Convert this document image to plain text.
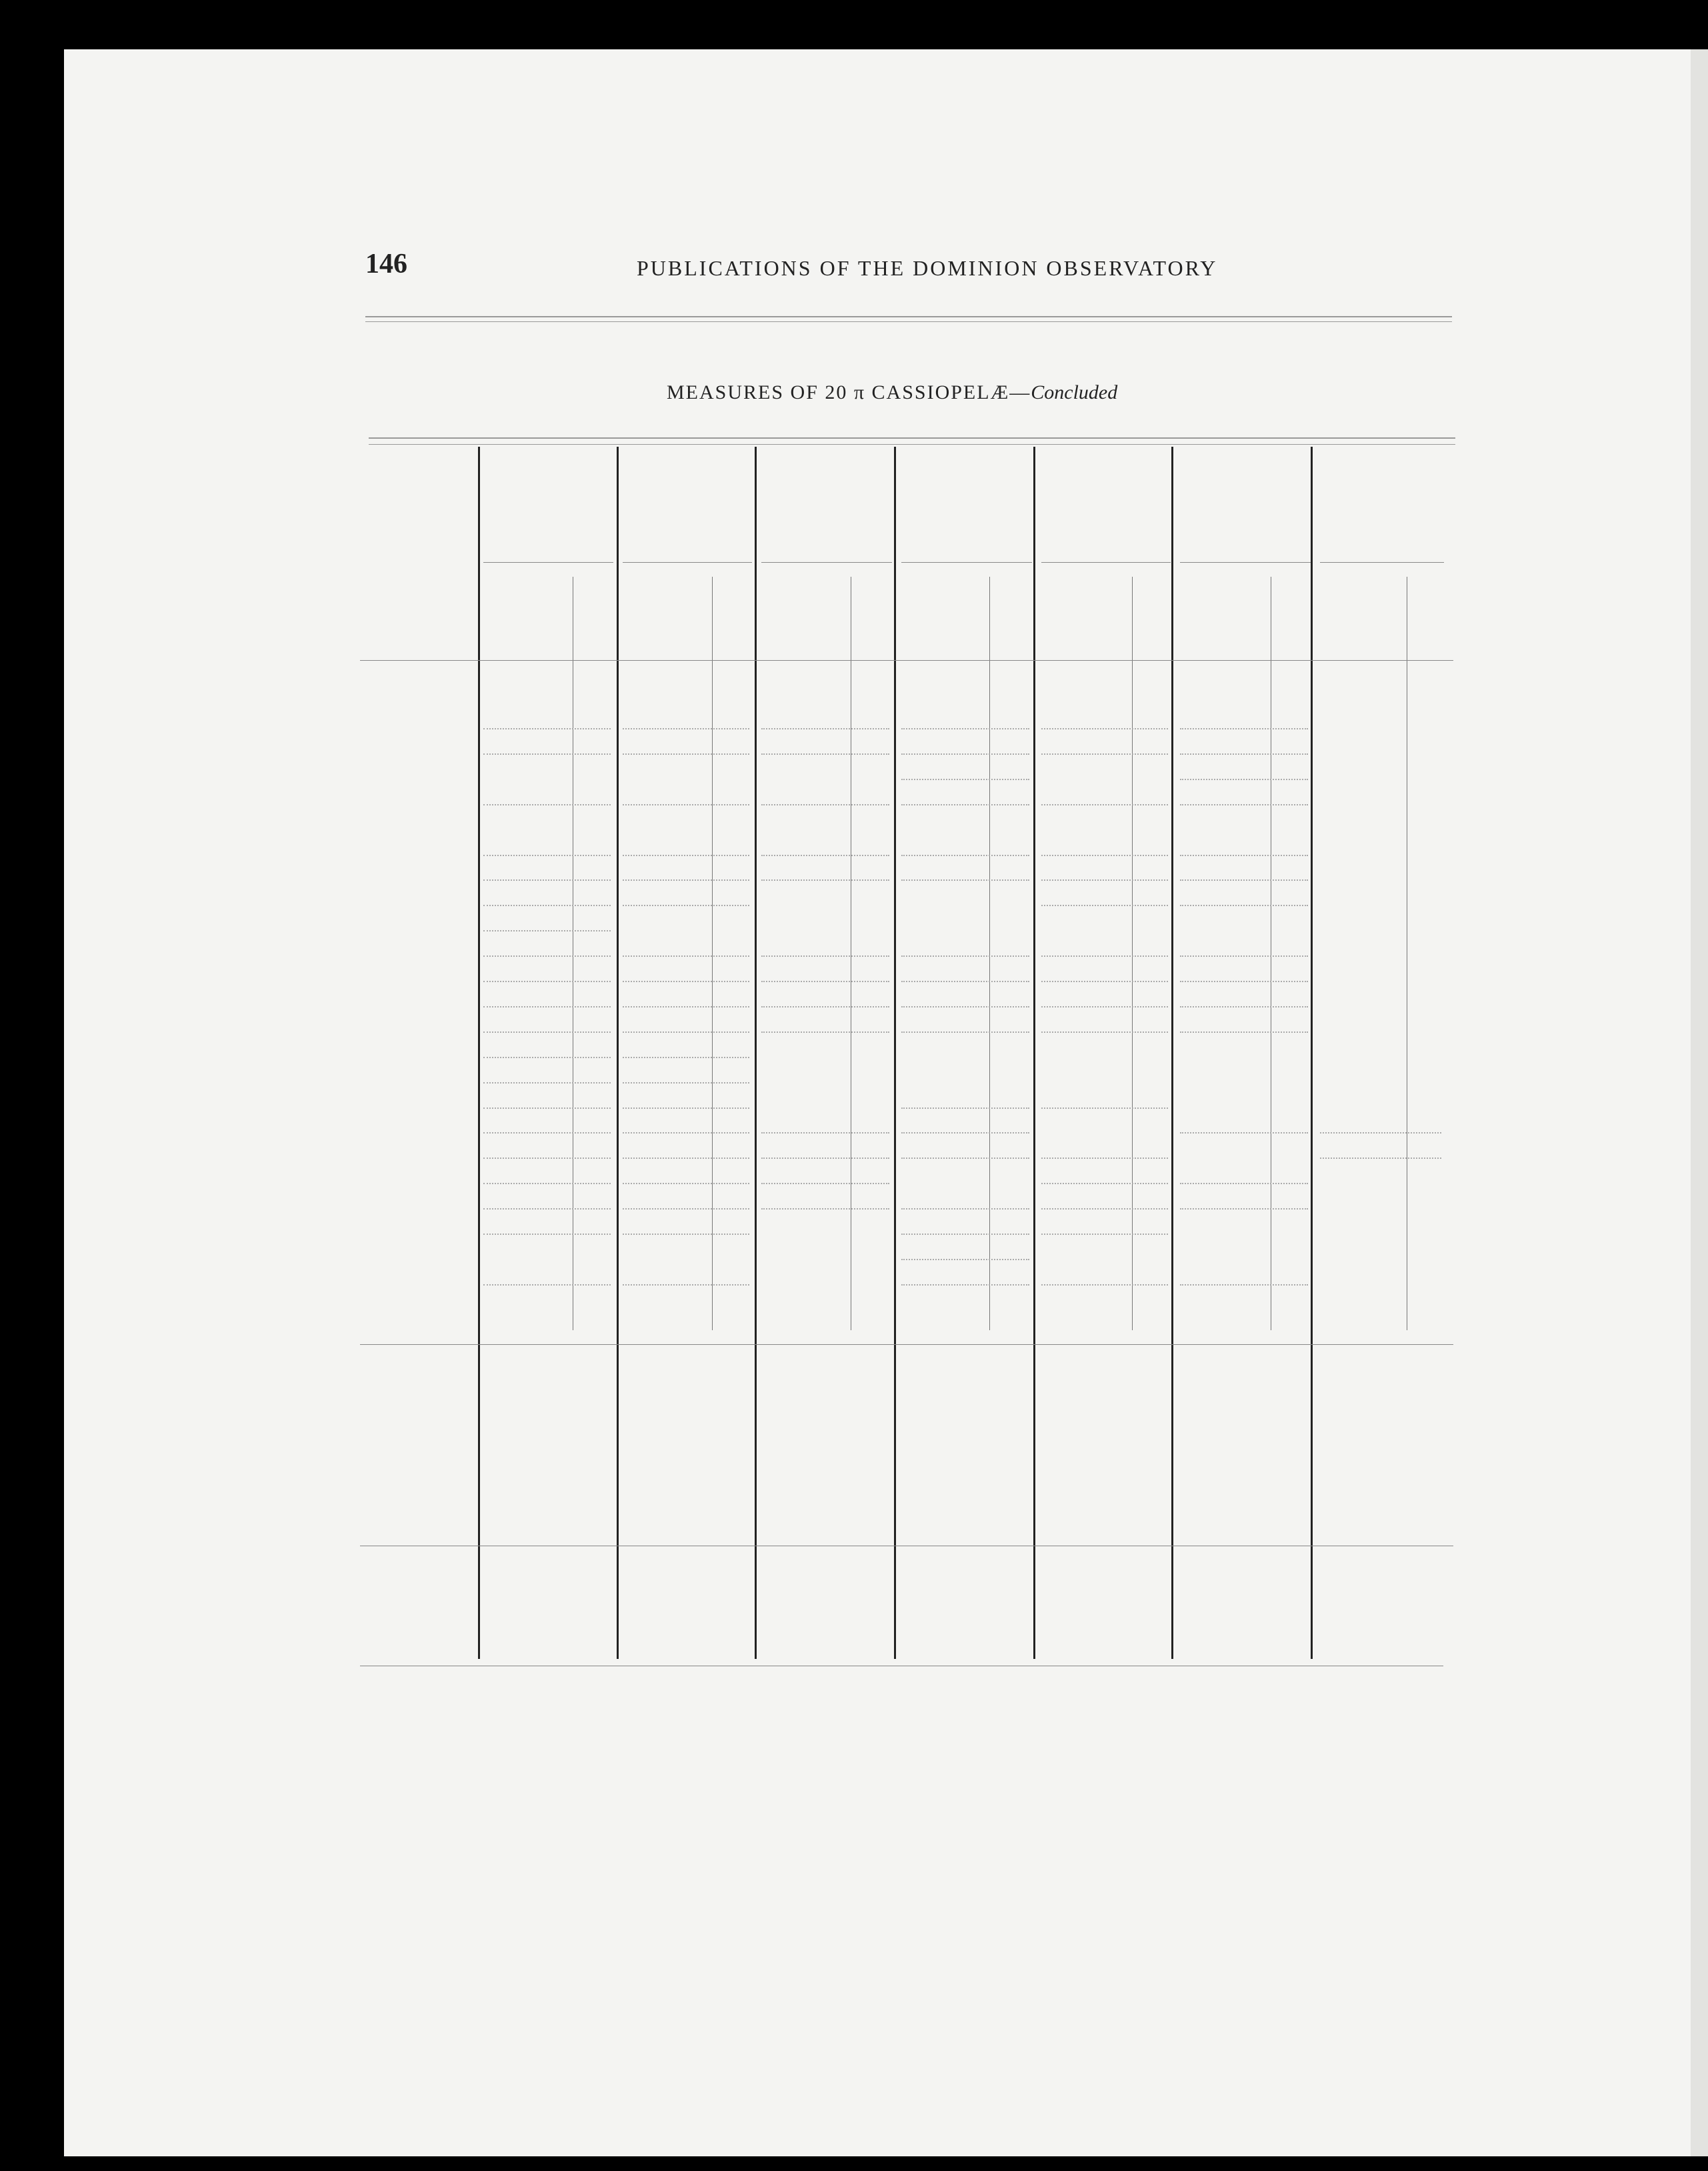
146	PUBLICATIONS OF THE DOMINION OBSERVATORY
MEASURES OF 20 π CASSIOPELÆ—Concluded
